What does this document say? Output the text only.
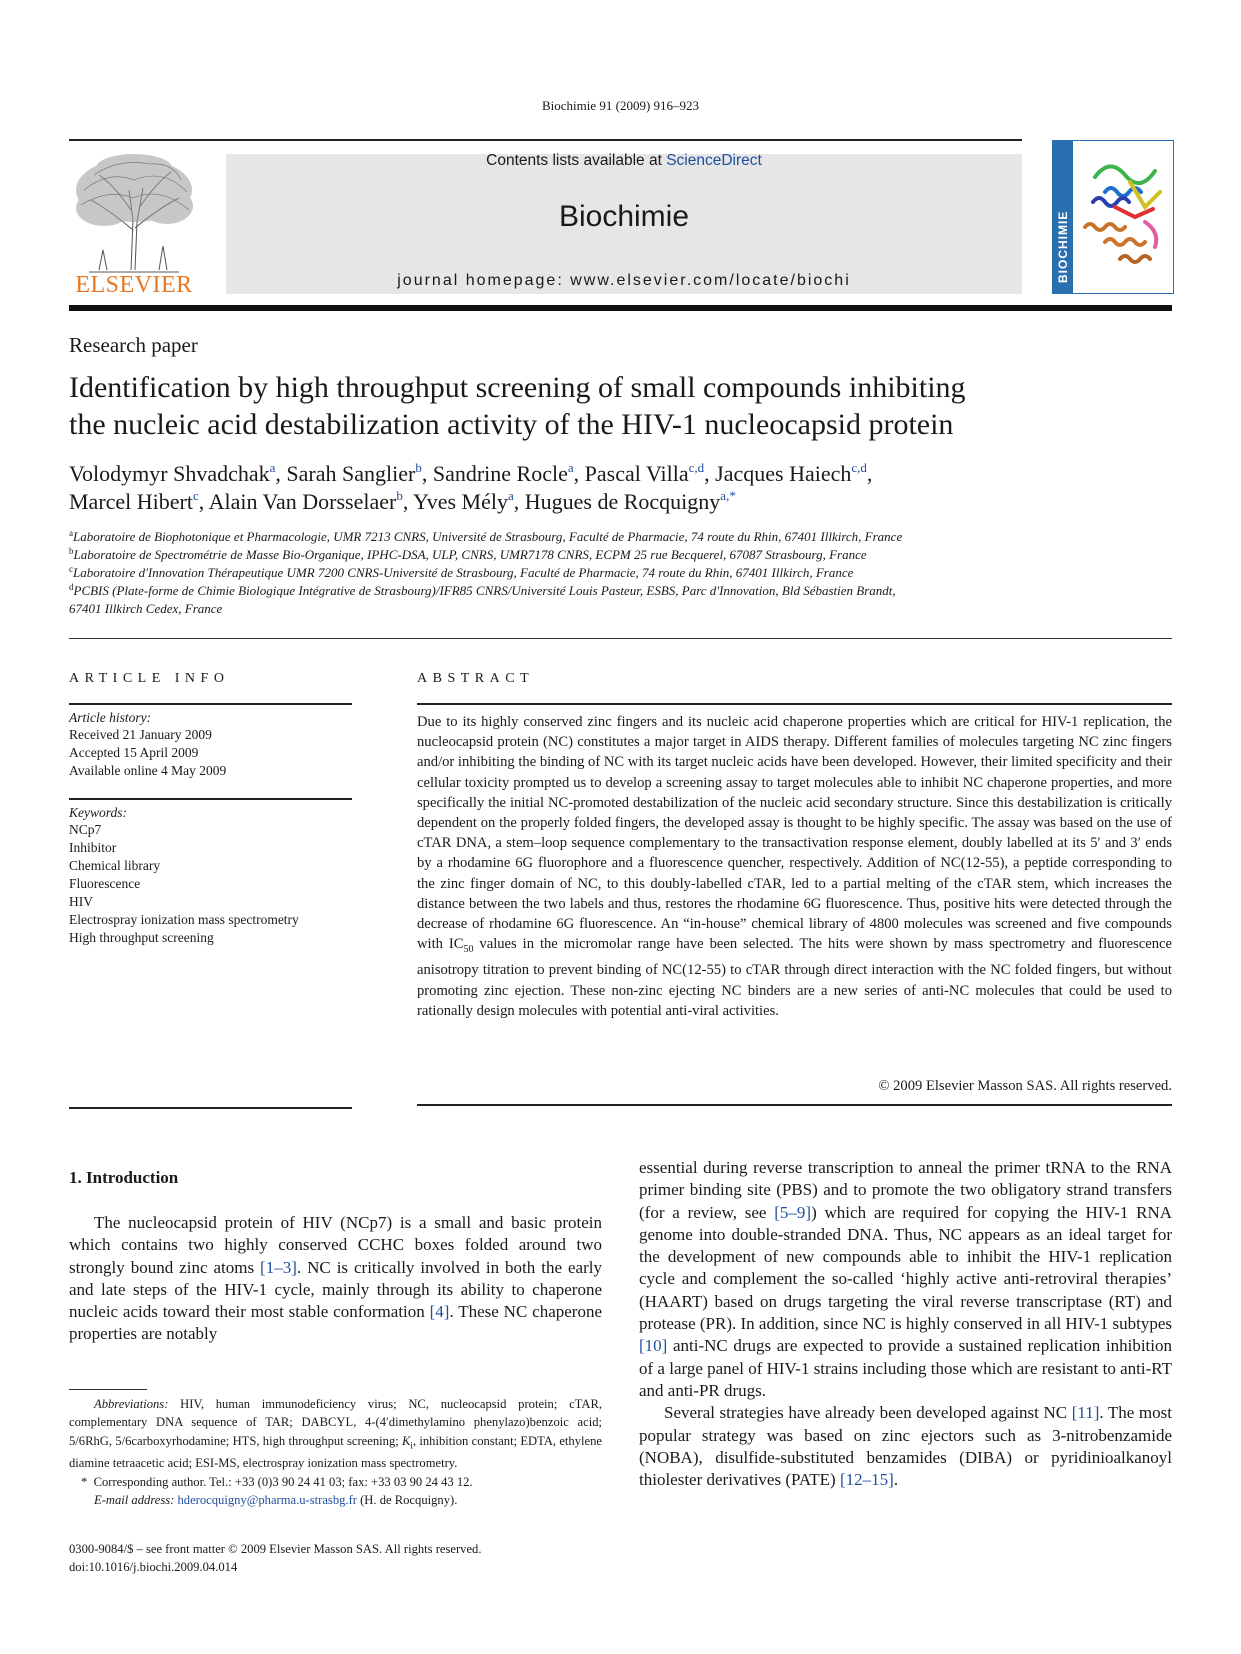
Biochimie 91 (2009) 916–923
ELSEVIER
Contents lists available at ScienceDirect
Biochimie
journal homepage: www.elsevier.com/locate/biochi	BIOCHIMIE
Research paper
Identification by high throughput screening of small compounds inhibiting
the nucleic acid destabilization activity of the HIV-1 nucleocapsid protein
Volodymyr Shvadchak$^a$, Sarah Sanglier$^b$, Sandrine Rocle$^a$, Pascal Villa$^{c,d}$, Jacques Haiech$^{c,d}$,
Marcel Hibert$^c$, Alain Van Dorsselaer$^b$, Yves Mély$^a$, Hugues de Rocquigny$^{a,*}$
$^a$Laboratoire de Biophotonique et Pharmacologie, UMR 7213 CNRS, Université de Strasbourg, Faculté de Pharmacie, 74 route du Rhin, 67401 Illkirch, France
$^b$Laboratoire de Spectrométrie de Masse Bio-Organique, IPHC-DSA, ULP, CNRS, UMR7178 CNRS, ECPM 25 rue Becquerel, 67087 Strasbourg, France
$^c$Laboratoire d'Innovation Thérapeutique UMR 7200 CNRS-Université de Strasbourg, Faculté de Pharmacie, 74 route du Rhin, 67401 Illkirch, France
$^d$PCBIS (Plate-forme de Chimie Biologique Intégrative de Strasbourg)/IFR85 CNRS/Université Louis Pasteur, ESBS, Parc d'Innovation, Bld Sébastien Brandt,
67401 Illkirch Cedex, France
ARTICLE INFO
Article history:
Received 21 January 2009
Accepted 15 April 2009
Available online 4 May 2009
Keywords:
NCp7
Inhibitor
Chemical library
Fluorescence
HIV
Electrospray ionization mass spectrometry
High throughput screening
ABSTRACT
Due to its highly conserved zinc fingers and its nucleic acid chaperone properties which are critical for HIV-1 replication, the nucleocapsid protein (NC) constitutes a major target in AIDS therapy. Different families of molecules targeting NC zinc fingers and/or inhibiting the binding of NC with its target nucleic acids have been developed. However, their limited specificity and their cellular toxicity prompted us to develop a screening assay to target molecules able to inhibit NC chaperone properties, and more specifically the initial NC-promoted destabilization of the nucleic acid secondary structure. Since this destabilization is critically dependent on the properly folded fingers, the developed assay is thought to be highly specific. The assay was based on the use of cTAR DNA, a stem–loop sequence complementary to the transactivation response element, doubly labelled at its 5′ and 3′ ends by a rhodamine 6G fluorophore and a fluorescence quencher, respectively. Addition of NC(12-55), a peptide corresponding to the zinc finger domain of NC, to this doubly-labelled cTAR, led to a partial melting of the cTAR stem, which increases the distance between the two labels and thus, restores the rhodamine 6G fluorescence. Thus, positive hits were detected through the decrease of rhodamine 6G fluorescence. An “in-house” chemical library of 4800 molecules was screened and five compounds with $IC_{50}$ values in the micromolar range have been selected. The hits were shown by mass spectrometry and fluorescence anisotropy titration to prevent binding of NC(12-55) to cTAR through direct interaction with the NC folded fingers, but without promoting zinc ejection. These non-zinc ejecting NC binders are a new series of anti-NC molecules that could be used to rationally design molecules with potential anti-viral activities.
© 2009 Elsevier Masson SAS. All rights reserved.
1. Introduction

The nucleocapsid protein of HIV (NCp7) is a small and basic protein which contains two highly conserved CCHC boxes folded around two strongly bound zinc atoms [1–3]. NC is critically involved in both the early and late steps of the HIV-1 cycle, mainly through its ability to chaperone nucleic acids toward their most stable conformation [4]. These NC chaperone properties are notably

Abbreviations: HIV, human immunodeficiency virus; NC, nucleocapsid protein; cTAR, complementary DNA sequence of TAR; DABCYL, 4-(4′dimethylamino phenylazo)benzoic acid; 5/6RhG, 5/6carboxyrhodamine; HTS, high throughput screening; $K_i$, inhibition constant; EDTA, ethylene diamine tetraacetic acid; ESI-MS, electrospray ionization mass spectrometry.

*  Corresponding author. Tel.: +33 (0)3 90 24 41 03; fax: +33 03 90 24 43 12.

E-mail address: hderocquigny@pharma.u-strasbg.fr (H. de Rocquigny).

0300-9084/$ – see front matter © 2009 Elsevier Masson SAS. All rights reserved.
doi:10.1016/j.biochi.2009.04.014

essential during reverse transcription to anneal the primer tRNA to the RNA primer binding site (PBS) and to promote the two obligatory strand transfers (for a review, see [5–9]) which are required for copying the HIV-1 RNA genome into double-stranded DNA. Thus, NC appears as an ideal target for the development of new compounds able to inhibit the HIV-1 replication cycle and complement the so-called ‘highly active anti-retroviral therapies’ (HAART) based on drugs targeting the viral reverse transcriptase (RT) and protease (PR). In addition, since NC is highly conserved in all HIV-1 subtypes [10] anti-NC drugs are expected to provide a sustained replication inhibition of a large panel of HIV-1 strains including those which are resistant to anti-RT and anti-PR drugs.

Several strategies have already been developed against NC [11]. The most popular strategy was based on zinc ejectors such as 3-nitrobenzamide (NOBA), disulfide-substituted benzamides (DIBA) or pyridinioalkanoyl thiolester derivatives (PATE) [12–15].
